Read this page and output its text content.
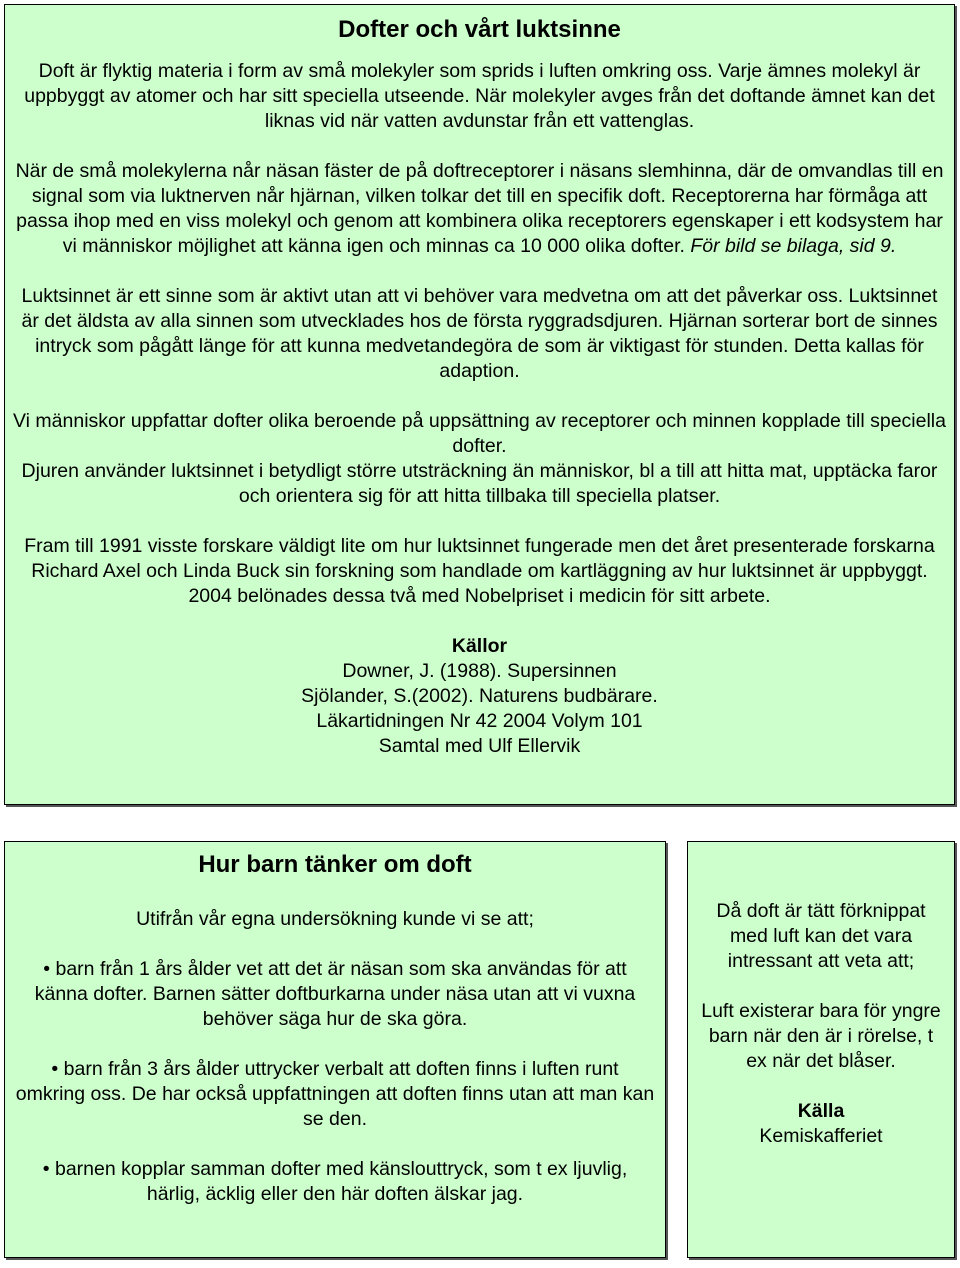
Dofter och vårt luktsinne

Doft är flyktig materia i form av små molekyler som sprids i luften omkring oss. Varje ämnes molekyl är uppbyggt av atomer och har sitt speciella utseende. När molekyler avges från det doftande ämnet kan det liknas vid när vatten avdunstar från ett vattenglas.

När de små molekylerna når näsan fäster de på doftreceptorer i näsans slemhinna, där de omvandlas till en signal som via luktnerven når hjärnan, vilken tolkar det till en specifik doft. Receptorerna har förmåga att passa ihop med en viss molekyl och genom att kombinera olika receptorers egenskaper i ett kodsystem har vi människor möjlighet att känna igen och minnas ca 10 000 olika dofter. För bild se bilaga, sid 9.

Luktsinnet är ett sinne som är aktivt utan att vi behöver vara medvetna om att det påverkar oss. Luktsinnet är det äldsta av alla sinnen som utvecklades hos de första ryggradsdjuren. Hjärnan sorterar bort de sinnes intryck som pågått länge för att kunna medvetandegöra de som är viktigast för stunden. Detta kallas för adaption.

Vi människor uppfattar dofter olika beroende på uppsättning av receptorer och minnen kopplade till speciella dofter.
Djuren använder luktsinnet i betydligt större utsträckning än människor, bl a till att hitta mat, upptäcka faror och orientera sig för att hitta tillbaka till speciella platser.

Fram till 1991 visste forskare väldigt lite om hur luktsinnet fungerade men det året presenterade forskarna Richard Axel och Linda Buck sin forskning som handlade om kartläggning av hur luktsinnet är uppbyggt. 2004 belönades dessa två med Nobelpriset i medicin för sitt arbete.

Källor
Downer, J. (1988). Supersinnen
Sjölander, S.(2002). Naturens budbärare.
Läkartidningen Nr 42 2004 Volym 101
Samtal med Ulf Ellervik
Hur barn tänker om doft

Utifrån vår egna undersökning kunde vi se att;

• barn från 1 års ålder vet att det är näsan som ska användas för att känna dofter. Barnen sätter doftburkarna under näsa utan att vi vuxna behöver säga hur de ska göra.

• barn från 3 års ålder uttrycker verbalt att doften finns i luften runt omkring oss. De har också uppfattningen att doften finns utan att man kan se den.

• barnen kopplar samman dofter med känslouttryck, som t ex ljuvlig, härlig, äcklig eller den här doften älskar jag.

Då doft är tätt förknippat med luft kan det vara intressant att veta att;

Luft existerar bara för yngre barn när den är i rörelse, t ex när det blåser.

Källa
Kemiskafferiet
